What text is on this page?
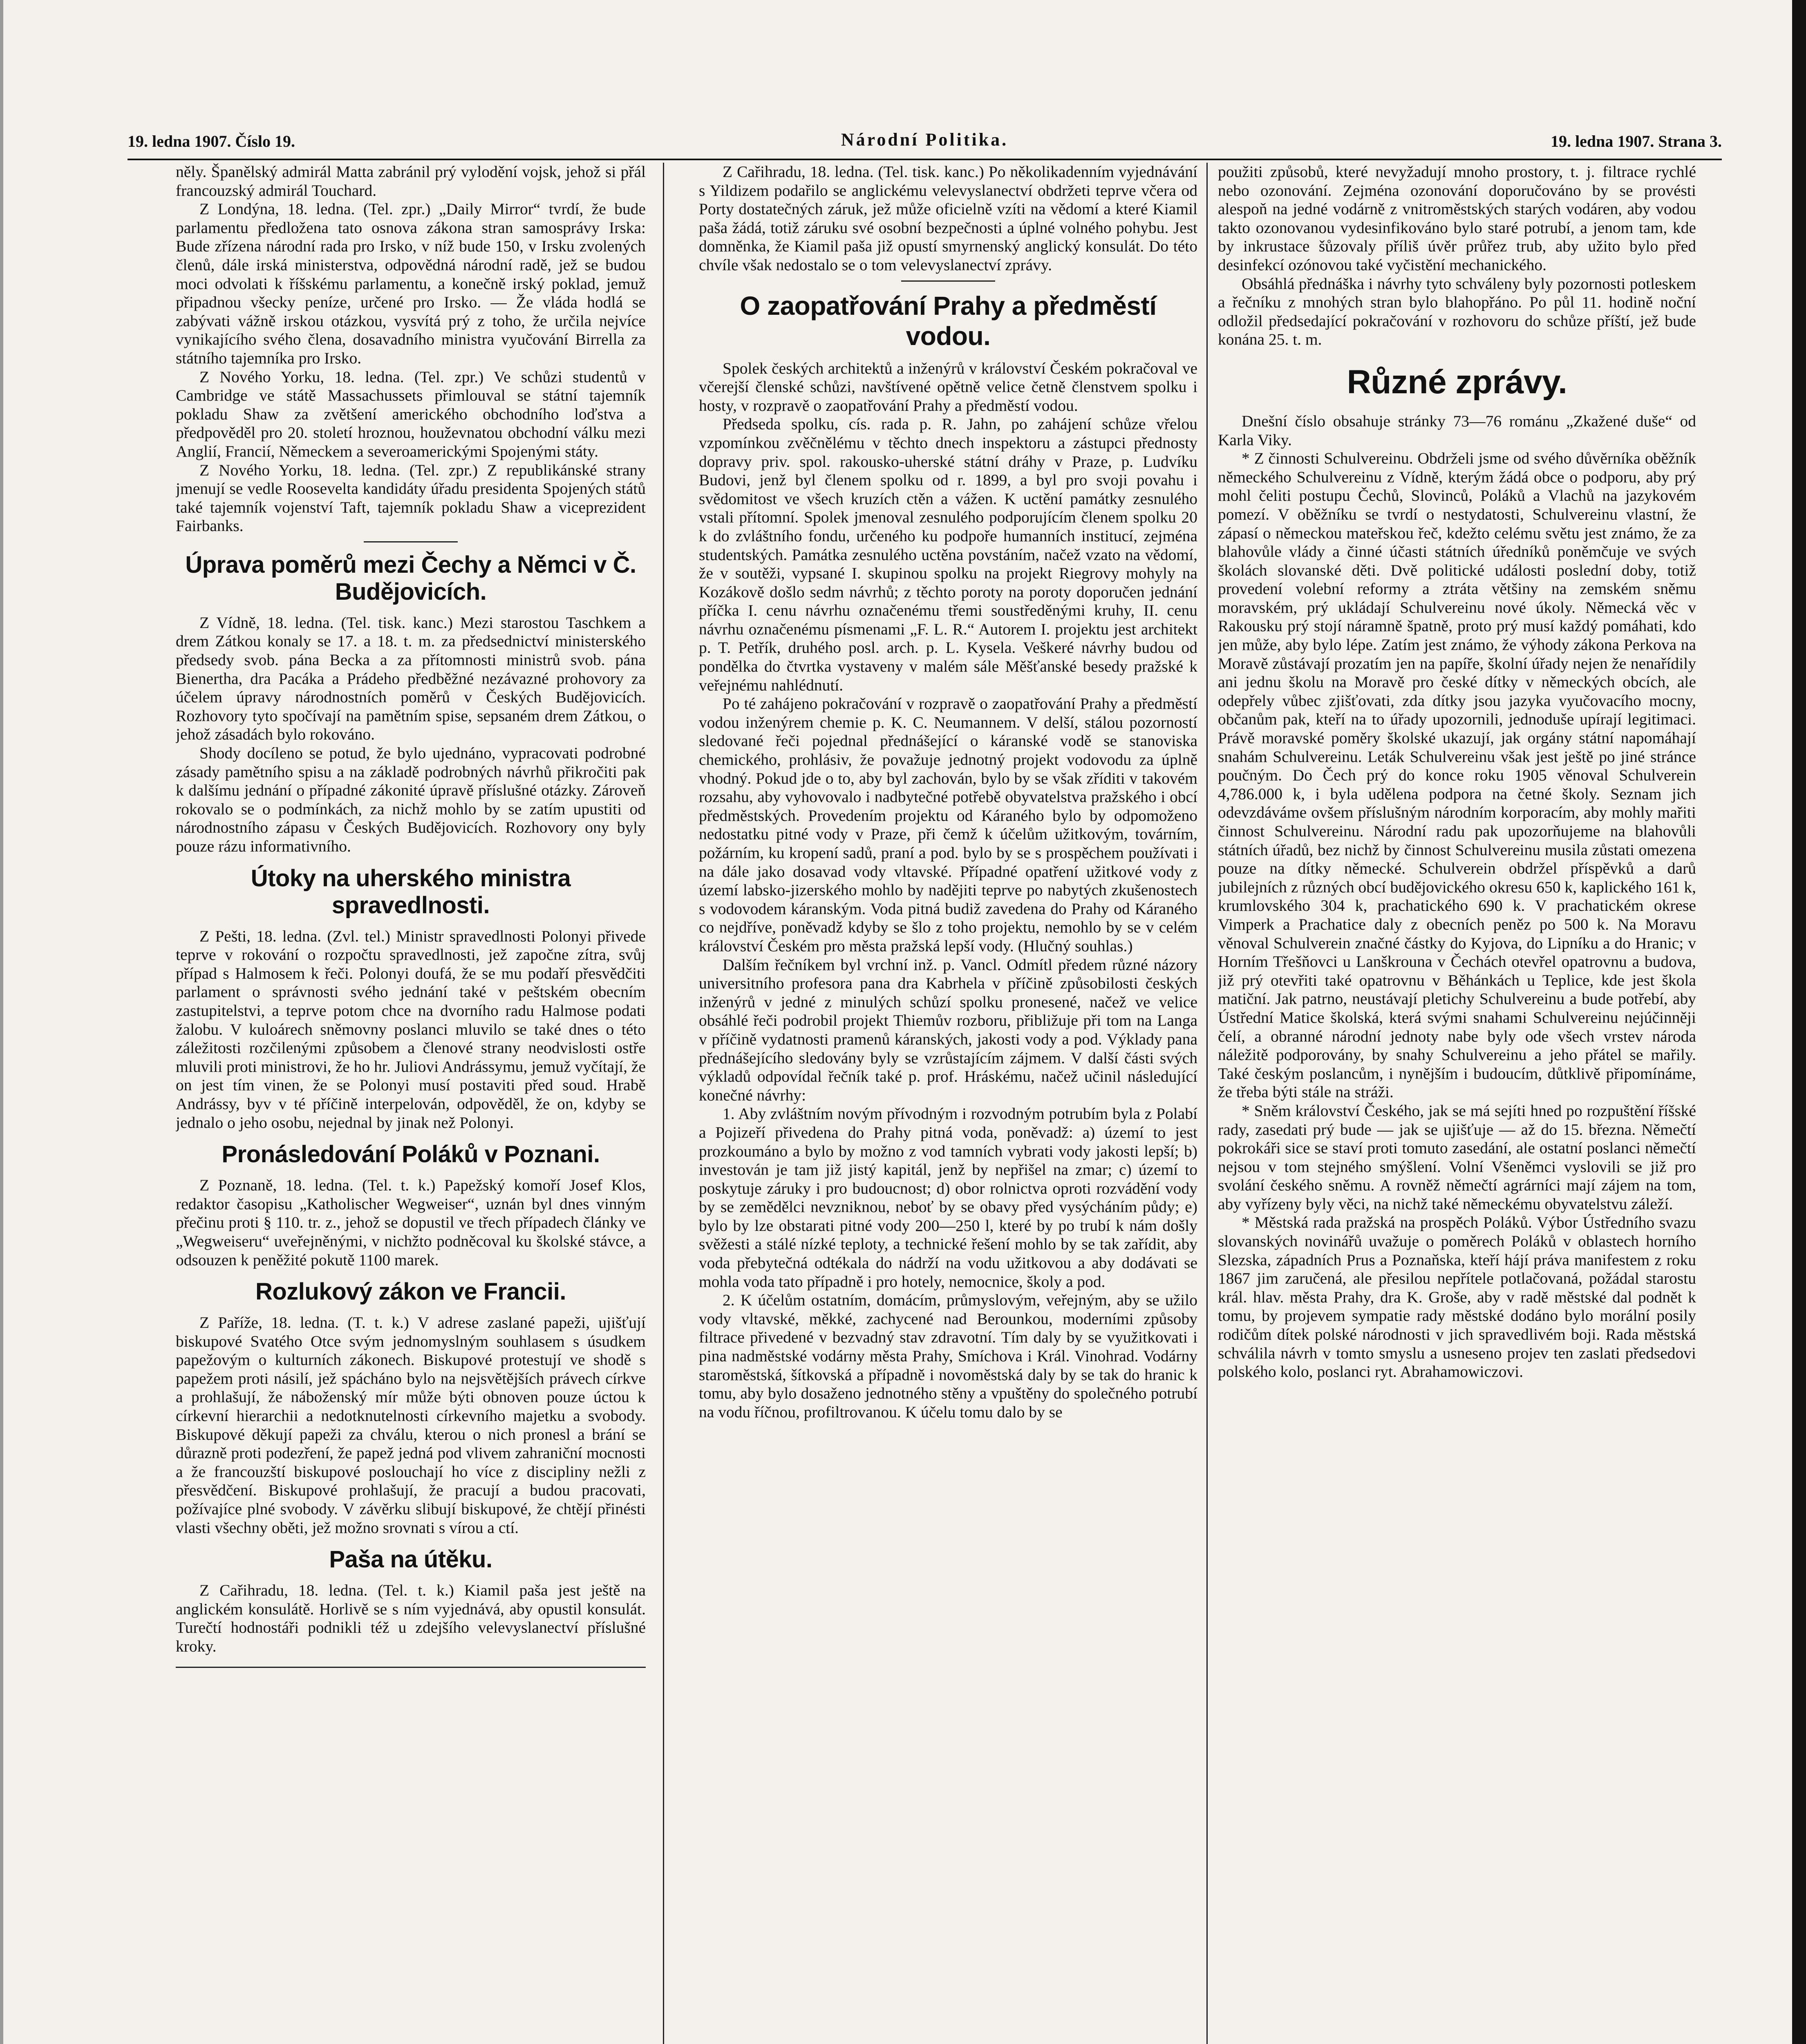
19. ledna 1907. Číslo 19.	Národní Politika.	19. ledna 1907. Strana 3.

něly. Španělský admirál Matta zabránil prý vylodění vojsk, jehož si přál francouzský admirál Touchard.

Z Londýna, 18. ledna. (Tel. zpr.) „Daily Mirror“ tvrdí, že bude parlamentu předložena tato osnova zákona stran samosprávy Irska: Bude zřízena národní rada pro Irsko, v níž bude 150, v Irsku zvolených členů, dále irská ministerstva, odpovědná národní radě, jež se budou moci odvolati k říšskému parlamentu, a konečně irský poklad, jemuž připadnou všecky peníze, určené pro Irsko. — Že vláda hodlá se zabývati vážně irskou otázkou, vysvítá prý z toho, že určila nejvíce vynikajícího svého člena, dosavadního ministra vyučování Birrella za státního tajemníka pro Irsko.

Z Nového Yorku, 18. ledna. (Tel. zpr.) Ve schůzi studentů v Cambridge ve státě Massachussets přimlouval se státní tajemník pokladu Shaw za zvětšení amerického obchodního loďstva a předpověděl pro 20. století hroznou, houževnatou obchodní válku mezi Anglií, Francií, Německem a severoamerickými Spojenými státy.

Z Nového Yorku, 18. ledna. (Tel. zpr.) Z republikánské strany jmenují se vedle Roosevelta kandidáty úřadu presidenta Spojených států také tajemník vojenství Taft, tajemník pokladu Shaw a viceprezident Fairbanks.

Úprava poměrů mezi Čechy a Němci v Č. Budějovicích.

Z Vídně, 18. ledna. (Tel. tisk. kanc.) Mezi starostou Taschkem a drem Zátkou konaly se 17. a 18. t. m. za předsednictví ministerského předsedy svob. pána Becka a za přítomnosti ministrů svob. pána Bienertha, dra Pacáka a Prádeho předběžné nezávazné prohovory za účelem úpravy národnostních poměrů v Českých Budějovicích. Rozhovory tyto spočívají na pamětním spise, sepsaném drem Zátkou, o jehož zásadách bylo rokováno.

Shody docíleno se potud, že bylo ujednáno, vypracovati podrobné zásady pamětního spisu a na základě podrobných návrhů přikročiti pak k dalšímu jednání o případné zákonité úpravě příslušné otázky. Zároveň rokovalo se o podmínkách, za nichž mohlo by se zatím upustiti od národnostního zápasu v Českých Budějovicích. Rozhovory ony byly pouze rázu informativního.

Útoky na uherského ministra spravedlnosti.

Z Pešti, 18. ledna. (Zvl. tel.) Ministr spravedlnosti Polonyi přivede teprve v rokování o rozpočtu spravedlnosti, jež započne zítra, svůj případ s Halmosem k řeči. Polonyi doufá, že se mu podaří přesvědčiti parlament o správnosti svého jednání také v peštském obecním zastupitelstvi, a teprve potom chce na dvorního radu Halmose podati žalobu. V kuloárech sněmovny poslanci mluvilo se také dnes o této záležitosti rozčilenými způsobem a členové strany neodvislosti ostře mluvili proti ministrovi, že ho hr. Juliovi Andrássymu, jemuž vyčítají, že on jest tím vinen, že se Polonyi musí postaviti před soud. Hrabě Andrássy, byv v té příčině interpelován, odpověděl, že on, kdyby se jednalo o jeho osobu, nejednal by jinak než Polonyi.

Pronásledování Poláků v Poznani.

Z Poznaně, 18. ledna. (Tel. t. k.) Papežský komoří Josef Klos, redaktor časopisu „Katholischer Wegweiser“, uznán byl dnes vinným přečinu proti § 110. tr. z., jehož se dopustil ve třech případech články ve „Wegweiseru“ uveřejněnými, v nichžto podněcoval ku školské stávce, a odsouzen k peněžité pokutě 1100 marek.

Rozlukový zákon ve Francii.

Z Paříže, 18. ledna. (T. t. k.) V adrese zaslané papeži, ujišťují biskupové Svatého Otce svým jednomyslným souhlasem s úsudkem papežovým o kulturních zákonech. Biskupové protestují ve shodě s papežem proti násilí, jež spácháno bylo na nejsvětějších právech církve a prohlašují, že náboženský mír může býti obnoven pouze úctou k církevní hierarchii a nedotknutelnosti církevního majetku a svobody. Biskupové děkují papeži za chválu, kterou o nich pronesl a brání se důrazně proti podezření, že papež jedná pod vlivem zahraniční mocnosti a že francouzští biskupové poslouchají ho více z discipliny nežli z přesvědčení. Biskupové prohlašují, že pracují a budou pracovati, požívajíce plné svobody. V závěrku slibují biskupové, že chtějí přinésti vlasti všechny oběti, jež možno srovnati s vírou a ctí.

Paša na útěku.

Z Cařihradu, 18. ledna. (Tel. t. k.) Kiamil paša jest ještě na anglickém konsulátě. Horlivě se s ním vyjednává, aby opustil konsulát. Turečtí hodnostáři podnikli též u zdejšího velevyslanectví příslušné kroky.

Z Cařihradu, 18. ledna. (Tel. tisk. kanc.) Po několikadenním vyjednávání s Yildizem podařilo se anglickému velevyslanectví obdržeti teprve včera od Porty dostatečných záruk, jež může oficielně vzíti na vědomí a které Kiamil paša žádá, totiž záruku své osobní bezpečnosti a úplné volného pohybu. Jest domněnka, že Kiamil paša již opustí smyrnenský anglický konsulát. Do této chvíle však nedostalo se o tom velevyslanectví zprávy.

O zaopatřování Prahy a předměstí vodou.

Spolek českých architektů a inženýrů v království Českém pokračoval ve včerejší členské schůzi, navštívené opětně velice četně členstvem spolku i hosty, v rozpravě o zaopatřování Prahy a předměstí vodou.

Předseda spolku, cís. rada p. R. Jahn, po zahájení schůze vřelou vzpomínkou zvěčnělému v těchto dnech inspektoru a zástupci přednosty dopravy priv. spol. rakousko-uherské státní dráhy v Praze, p. Ludvíku Budovi, jenž byl členem spolku od r. 1899, a byl pro svoji povahu i svědomitost ve všech kruzích ctěn a vážen. K uctění památky zesnulého vstali přítomní. Spolek jmenoval zesnulého podporujícím členem spolku 20 k do zvláštního fondu, určeného ku podpoře humanních institucí, zejména studentských. Památka zesnulého uctěna povstáním, načež vzato na vědomí, že v soutěži, vypsané I. skupinou spolku na projekt Riegrovy mohyly na Kozákově došlo sedm návrhů; z těchto poroty na poroty doporučen jednání příčka I. cenu návrhu označenému třemi soustředěnými kruhy, II. cenu návrhu označenému písmenami „F. L. R.“ Autorem I. projektu jest architekt p. T. Petřík, druhého posl. arch. p. L. Kysela. Veškeré návrhy budou od pondělka do čtvrtka vystaveny v malém sále Měšťanské besedy pražské k veřejnému nahlédnutí.

Po té zahájeno pokračování v rozpravě o zaopatřování Prahy a předměstí vodou inženýrem chemie p. K. C. Neumannem. V delší, stálou pozorností sledované řeči pojednal přednášející o káranské vodě se stanoviska chemického, prohlásiv, že považuje jednotný projekt vodovodu za úplně vhodný. Pokud jde o to, aby byl zachován, bylo by se však zříditi v takovém rozsahu, aby vyhovovalo i nadbytečné potřebě obyvatelstva pražského i obcí předměstských. Provedením projektu od Káraného bylo by odpomoženo nedostatku pitné vody v Praze, při čemž k účelům užitkovým, továrním, požárním, ku kropení sadů, praní a pod. bylo by se s prospěchem používati i na dále jako dosavad vody vltavské. Případné opatření užitkové vody z území labsko-jizerského mohlo by nadějiti teprve po nabytých zkušenostech s vodovodem káranským. Voda pitná budiž zavedena do Prahy od Káraného co nejdříve, poněvadž kdyby se šlo z toho projektu, nemohlo by se v celém království Českém pro města pražská lepší vody. (Hlučný souhlas.)

Dalším řečníkem byl vrchní inž. p. Vancl. Odmítl předem různé názory universitního profesora pana dra Kabrhela v příčině způsobilosti českých inženýrů v jedné z minulých schůzí spolku pronesené, načež ve velice obsáhlé řeči podrobil projekt Thiemův rozboru, přibližuje při tom na Langa v příčině vydatnosti pramenů káranských, jakosti vody a pod. Výklady pana přednášejícího sledovány byly se vzrůstajícím zájmem. V další části svých výkladů odpovídal řečník také p. prof. Hráskému, načež učinil následující konečné návrhy:

1. Aby zvláštním novým přívodným i rozvodným potrubím byla z Polabí a Pojizeří přivedena do Prahy pitná voda, poněvadž: a) území to jest prozkoumáno a bylo by možno z vod tamních vybrati vody jakosti lepší; b) investován je tam již jistý kapitál, jenž by nepřišel na zmar; c) území to poskytuje záruky i pro budoucnost; d) obor rolnictva oproti rozvádění vody by se zemědělci nevzniknou, neboť by se obavy před vysýcháním půdy; e) bylo by lze obstarati pitné vody 200—250 l, které by po trubí k nám došly svěžesti a stálé nízké teploty, a technické řešení mohlo by se tak zařídit, aby voda přebytečná odtékala do nádrží na vodu užitkovou a aby dodávati se mohla voda tato případně i pro hotely, nemocnice, školy a pod.

2. K účelům ostatním, domácím, průmyslovým, veřejným, aby se užilo vody vltavské, měkké, zachycené nad Berounkou, moderními způsoby filtrace přivedené v bezvadný stav zdravotní. Tím daly by se využitkovati i pina nadměstské vodárny města Prahy, Smíchova i Král. Vinohrad. Vodárny staroměstská, šítkovská a případně i novoměstská daly by se tak do hranic k tomu, aby bylo dosaženo jednotného stěny a vpuštěny do společného potrubí na vodu říčnou, profiltrovanou. K účelu tomu dalo by se

použiti způsobů, které nevyžadují mnoho prostory, t. j. filtrace rychlé nebo ozonování. Zejména ozonování doporučováno by se provésti alespoň na jedné vodárně z vnitroměstských starých vodáren, aby vodou takto ozonovanou vydesinfikováno bylo staré potrubí, a jenom tam, kde by inkrustace šůzovaly příliš úvěr průřez trub, aby užito bylo před desinfekcí ozónovou také vyčistění mechanického.

Obsáhlá přednáška i návrhy tyto schváleny byly pozornosti potleskem a řečníku z mnohých stran bylo blahopřáno. Po půl 11. hodině noční odložil předsedající pokračování v rozhovoru do schůze příští, jež bude konána 25. t. m.

Různé zprávy.

Dnešní číslo obsahuje stránky 73—76 románu „Zkažené duše“ od Karla Viky.

* Z činnosti Schulvereinu. Obdrželi jsme od svého důvěrníka oběžník německého Schulvereinu z Vídně, kterým žádá obce o podporu, aby prý mohl čeliti postupu Čechů, Slovinců, Poláků a Vlachů na jazykovém pomezí. V oběžníku se tvrdí o nestydatosti, Schulvereinu vlastní, že zápasí o německou mateřskou řeč, kdežto celému světu jest známo, že za blahovůle vlády a činné účasti státních úředníků poněmčuje ve svých školách slovanské děti. Dvě politické události poslední doby, totiž provedení volební reformy a ztráta většiny na zemském sněmu moravském, prý ukládají Schulvereinu nové úkoly. Německá věc v Rakousku prý stojí náramně špatně, proto prý musí každý pomáhati, kdo jen může, aby bylo lépe. Zatím jest známo, že výhody zákona Perkova na Moravě zůstávají prozatím jen na papíře, školní úřady nejen že nenařídily ani jednu školu na Moravě pro české dítky v německých obcích, ale odepřely vůbec zjišťovati, zda dítky jsou jazyka vyučovacího mocny, občanům pak, kteří na to úřady upozornili, jednoduše upírají legitimaci. Právě moravské poměry školské ukazují, jak orgány státní napomáhají snahám Schulvereinu. Leták Schulvereinu však jest ještě po jiné stránce poučným. Do Čech prý do konce roku 1905 věnoval Schulverein 4,786.000 k, i byla udělena podpora na četné školy. Seznam jich odevzdáváme ovšem příslušným národním korporacím, aby mohly mařiti činnost Schulvereinu. Národní radu pak upozorňujeme na blahovůli státních úřadů, bez nichž by činnost Schulvereinu musila zůstati omezena pouze na dítky německé. Schulverein obdržel příspěvků a darů jubilejních z různých obcí budějovického okresu 650 k, kaplického 161 k, krumlovského 304 k, prachatického 690 k. V prachatickém okrese Vimperk a Prachatice daly z obecních peněz po 500 k. Na Moravu věnoval Schulverein značné částky do Kyjova, do Lipníku a do Hranic; v Horním Třešňovci u Lanškrouna v Čechách otevřel opatrovnu a budova, již prý otevřiti také opatrovnu v Běhánkách u Teplice, kde jest škola matiční. Jak patrno, neustávají pletichy Schulvereinu a bude potřebí, aby Ústřední Matice školská, která svými snahami Schulvereinu nejúčinněji čelí, a obranné národní jednoty nabe byly ode všech vrstev národa náležitě podporovány, by snahy Schulvereinu a jeho přátel se mařily. Také českým poslancům, i nynějším i budoucím, důtklivě připomínáme, že třeba býti stále na stráži.

* Sněm království Českého, jak se má sejíti hned po rozpuštění říšské rady, zasedati prý bude — jak se ujišťuje — až do 15. března. Němečtí pokrokáři sice se staví proti tomuto zasedání, ale ostatní poslanci němečtí nejsou v tom stejného smýšlení. Volní Všeněmci vyslovili se již pro svolání českého sněmu. A rovněž němečtí agrárníci mají zájem na tom, aby vyřízeny byly věci, na nichž také německému obyvatelstvu záleží.

* Městská rada pražská na prospěch Poláků. Výbor Ústředního svazu slovanských novinářů uvažuje o poměrech Poláků v oblastech horního Slezska, západních Prus a Poznaňska, kteří hájí práva manifestem z roku 1867 jim zaručená, ale přesilou nepřítele potlačovaná, požádal starostu král. hlav. města Prahy, dra K. Groše, aby v radě městské dal podnět k tomu, by projevem sympatie rady městské dodáno bylo morální posily rodičům dítek polské národnosti v jich spravedlivém boji. Rada městská schválila návrh v tomto smyslu a usneseno projev ten zaslati předsedovi polského kolo, poslanci ryt. Abrahamowiczovi.
